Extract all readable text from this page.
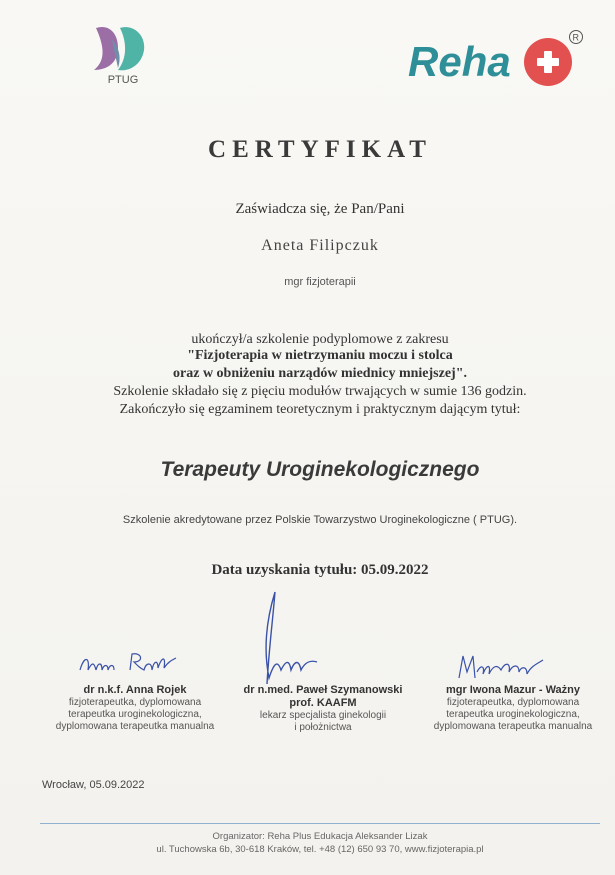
PTUG	Reha
R
CERTYFIKAT
Zaświadcza się, że Pan/Pani
Aneta Filipczuk
mgr fizjoterapii
ukończył/a szkolenie podyplomowe z zakresu
"Fizjoterapia w nietrzymaniu moczu i stolca
oraz w obniżeniu narządów miednicy mniejszej".
Szkolenie składało się z pięciu modułów trwających w sumie 136 godzin.
Zakończyło się egzaminem teoretycznym i praktycznym dającym tytuł:
Terapeuty Uroginekologicznego
Szkolenie akredytowane przez Polskie Towarzystwo Uroginekologiczne ( PTUG).
Data uzyskania tytułu: 05.09.2022
dr n.k.f. Anna Rojek
fizjoterapeutka, dyplomowana
terapeutka uroginekologiczna,
dyplomowana terapeutka manualna
dr n.med. Paweł Szymanowski
prof. KAAFM
lekarz specjalista ginekologii
i położnictwa
mgr Iwona Mazur - Ważny
fizjoterapeutka, dyplomowana
terapeutka uroginekologiczna,
dyplomowana terapeutka manualna
Wrocław, 05.09.2022
Organizator: Reha Plus Edukacja Aleksander Lizak
ul. Tuchowska 6b, 30-618 Kraków, tel. +48 (12) 650 93 70, www.fizjoterapia.pl
